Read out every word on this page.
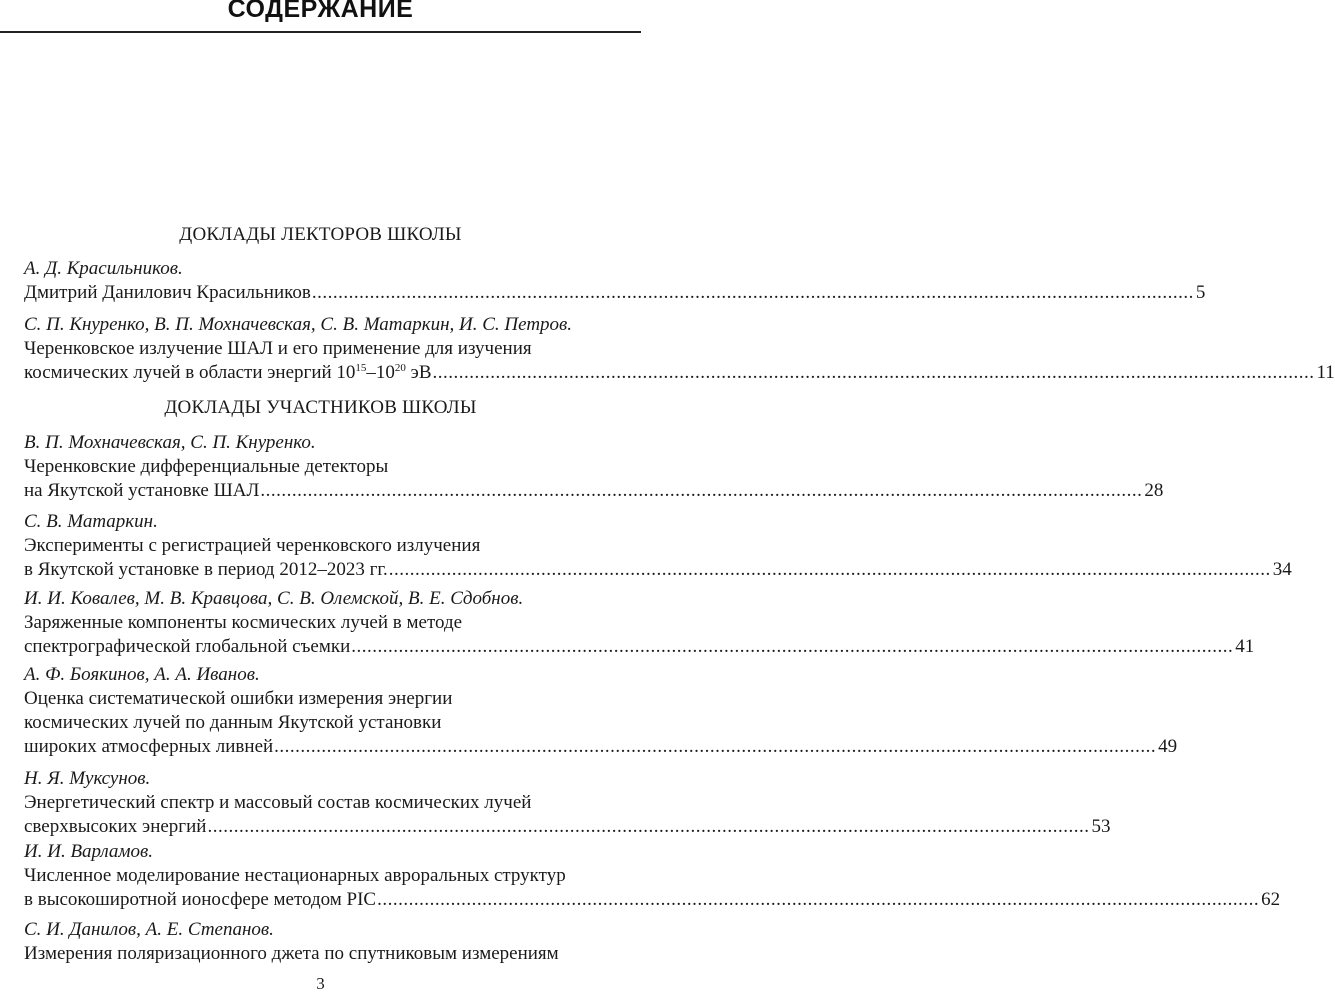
СОДЕРЖАНИЕ
ДОКЛАДЫ ЛЕКТОРОВ ШКОЛЫ
А. Д. Красильников.
Дмитрий Данилович Красильников ........................................................................................................................................................................ 5
С. П. Кнуренко, В. П. Мохначевская, С. В. Матаркин, И. С. Петров.
Черенковское излучение ШАЛ и его применение для изучения
космических лучей в области энергий $10^{15}-10^{20}$ эВ ........................................................................................................................................................................ 11
ДОКЛАДЫ УЧАСТНИКОВ ШКОЛЫ
В. П. Мохначевская, С. П. Кнуренко.
Черенковские дифференциальные детекторы
на Якутской установке ШАЛ ........................................................................................................................................................................ 28
С. В. Матаркин.
Эксперименты с регистрацией черенковского излучения
в Якутской установке в период 2012–2023 гг. ........................................................................................................................................................................ 34
И. И. Ковалев, М. В. Кравцова, С. В. Олемской, В. Е. Сдобнов.
Заряженные компоненты космических лучей в методе
спектрографической глобальной съемки ........................................................................................................................................................................ 41
А. Ф. Боякинов, А. А. Иванов.
Оценка систематической ошибки измерения энергии
космических лучей по данным Якутской установки
широких атмосферных ливней ........................................................................................................................................................................ 49
Н. Я. Муксунов.
Энергетический спектр и массовый состав космических лучей
сверхвысоких энергий ........................................................................................................................................................................ 53
И. И. Варламов.
Численное моделирование нестационарных авроральных структур
в высокоширотной ионосфере методом PIC ........................................................................................................................................................................ 62
С. И. Данилов, А. Е. Степанов.
Измерения поляризационного джета по спутниковым измерениям
3
